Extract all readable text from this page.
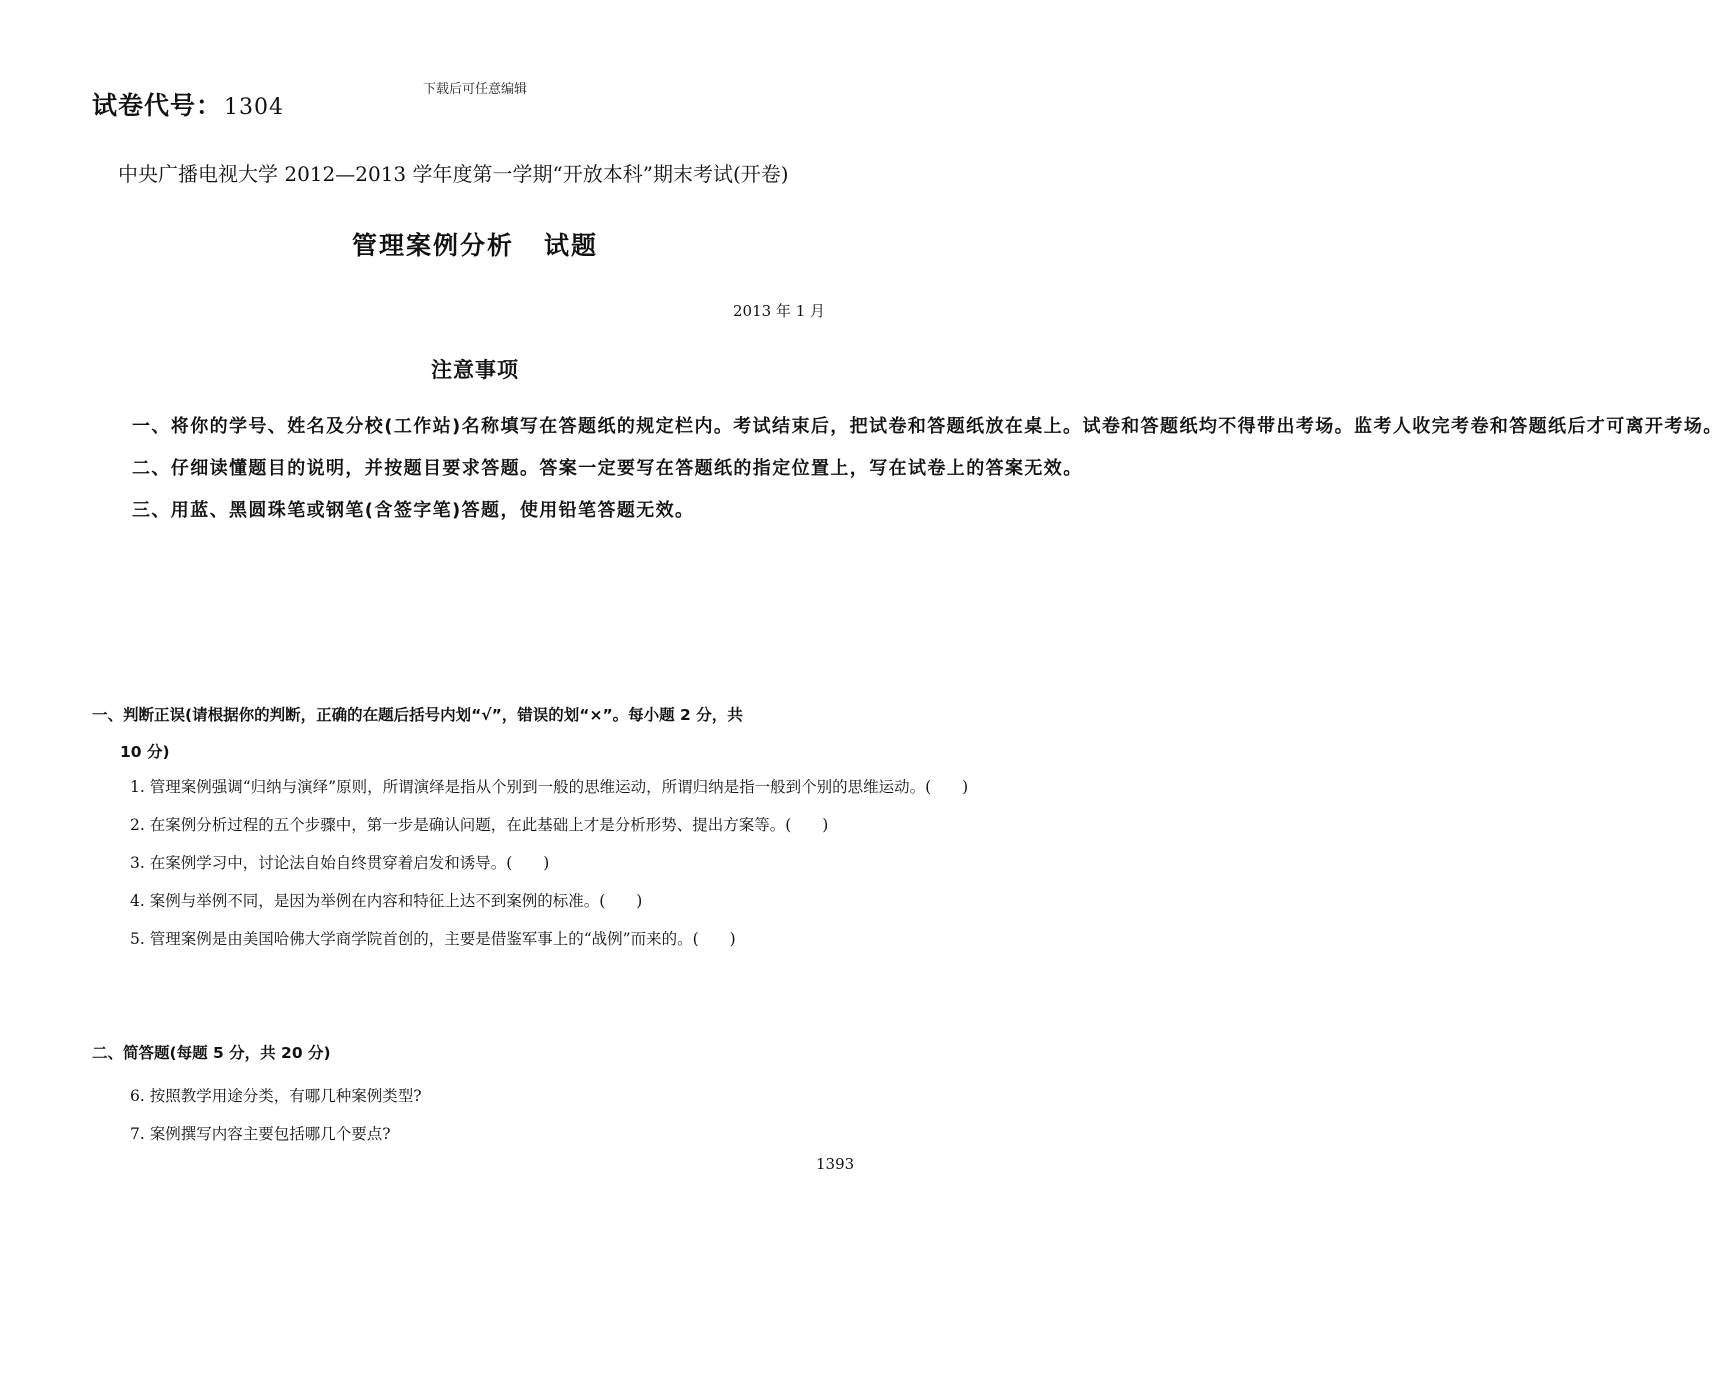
下载后可任意编辑
试卷代号：1304
中央广播电视大学 2012—2013 学年度第一学期“开放本科”期末考试(开卷)
管理案例分析 试题
2013 年 1 月
注意事项

一、将你的学号、姓名及分校(工作站)名称填写在答题纸的规定栏内。考试结束后，把试卷和答题纸放在桌上。试卷和答题纸均不得带出考场。监考人收完考卷和答题纸后才可离开考场。

二、仔细读懂题目的说明，并按题目要求答题。答案一定要写在答题纸的指定位置上，写在试卷上的答案无效。

三、用蓝、黑圆珠笔或钢笔(含签字笔)答题，使用铅笔答题无效。

一、判断正误(请根据你的判断，正确的在题后括号内划“√”，错误的划“×”。每小题 2 分，共
10 分)

1. 管理案例强调“归纳与演绎”原则，所谓演绎是指从个别到一般的思维运动，所谓归纳是指一般到个别的思维运动。(　　)

2. 在案例分析过程的五个步骤中，第一步是确认问题，在此基础上才是分析形势、提出方案等。(　　)

3. 在案例学习中，讨论法自始自终贯穿着启发和诱导。(　　)

4. 案例与举例不同，是因为举例在内容和特征上达不到案例的标准。(　　)

5. 管理案例是由美国哈佛大学商学院首创的，主要是借鉴军事上的“战例”而来的。(　　)

二、简答题(每题 5 分，共 20 分)

6. 按照教学用途分类，有哪几种案例类型?

7. 案例撰写内容主要包括哪几个要点?

1393
